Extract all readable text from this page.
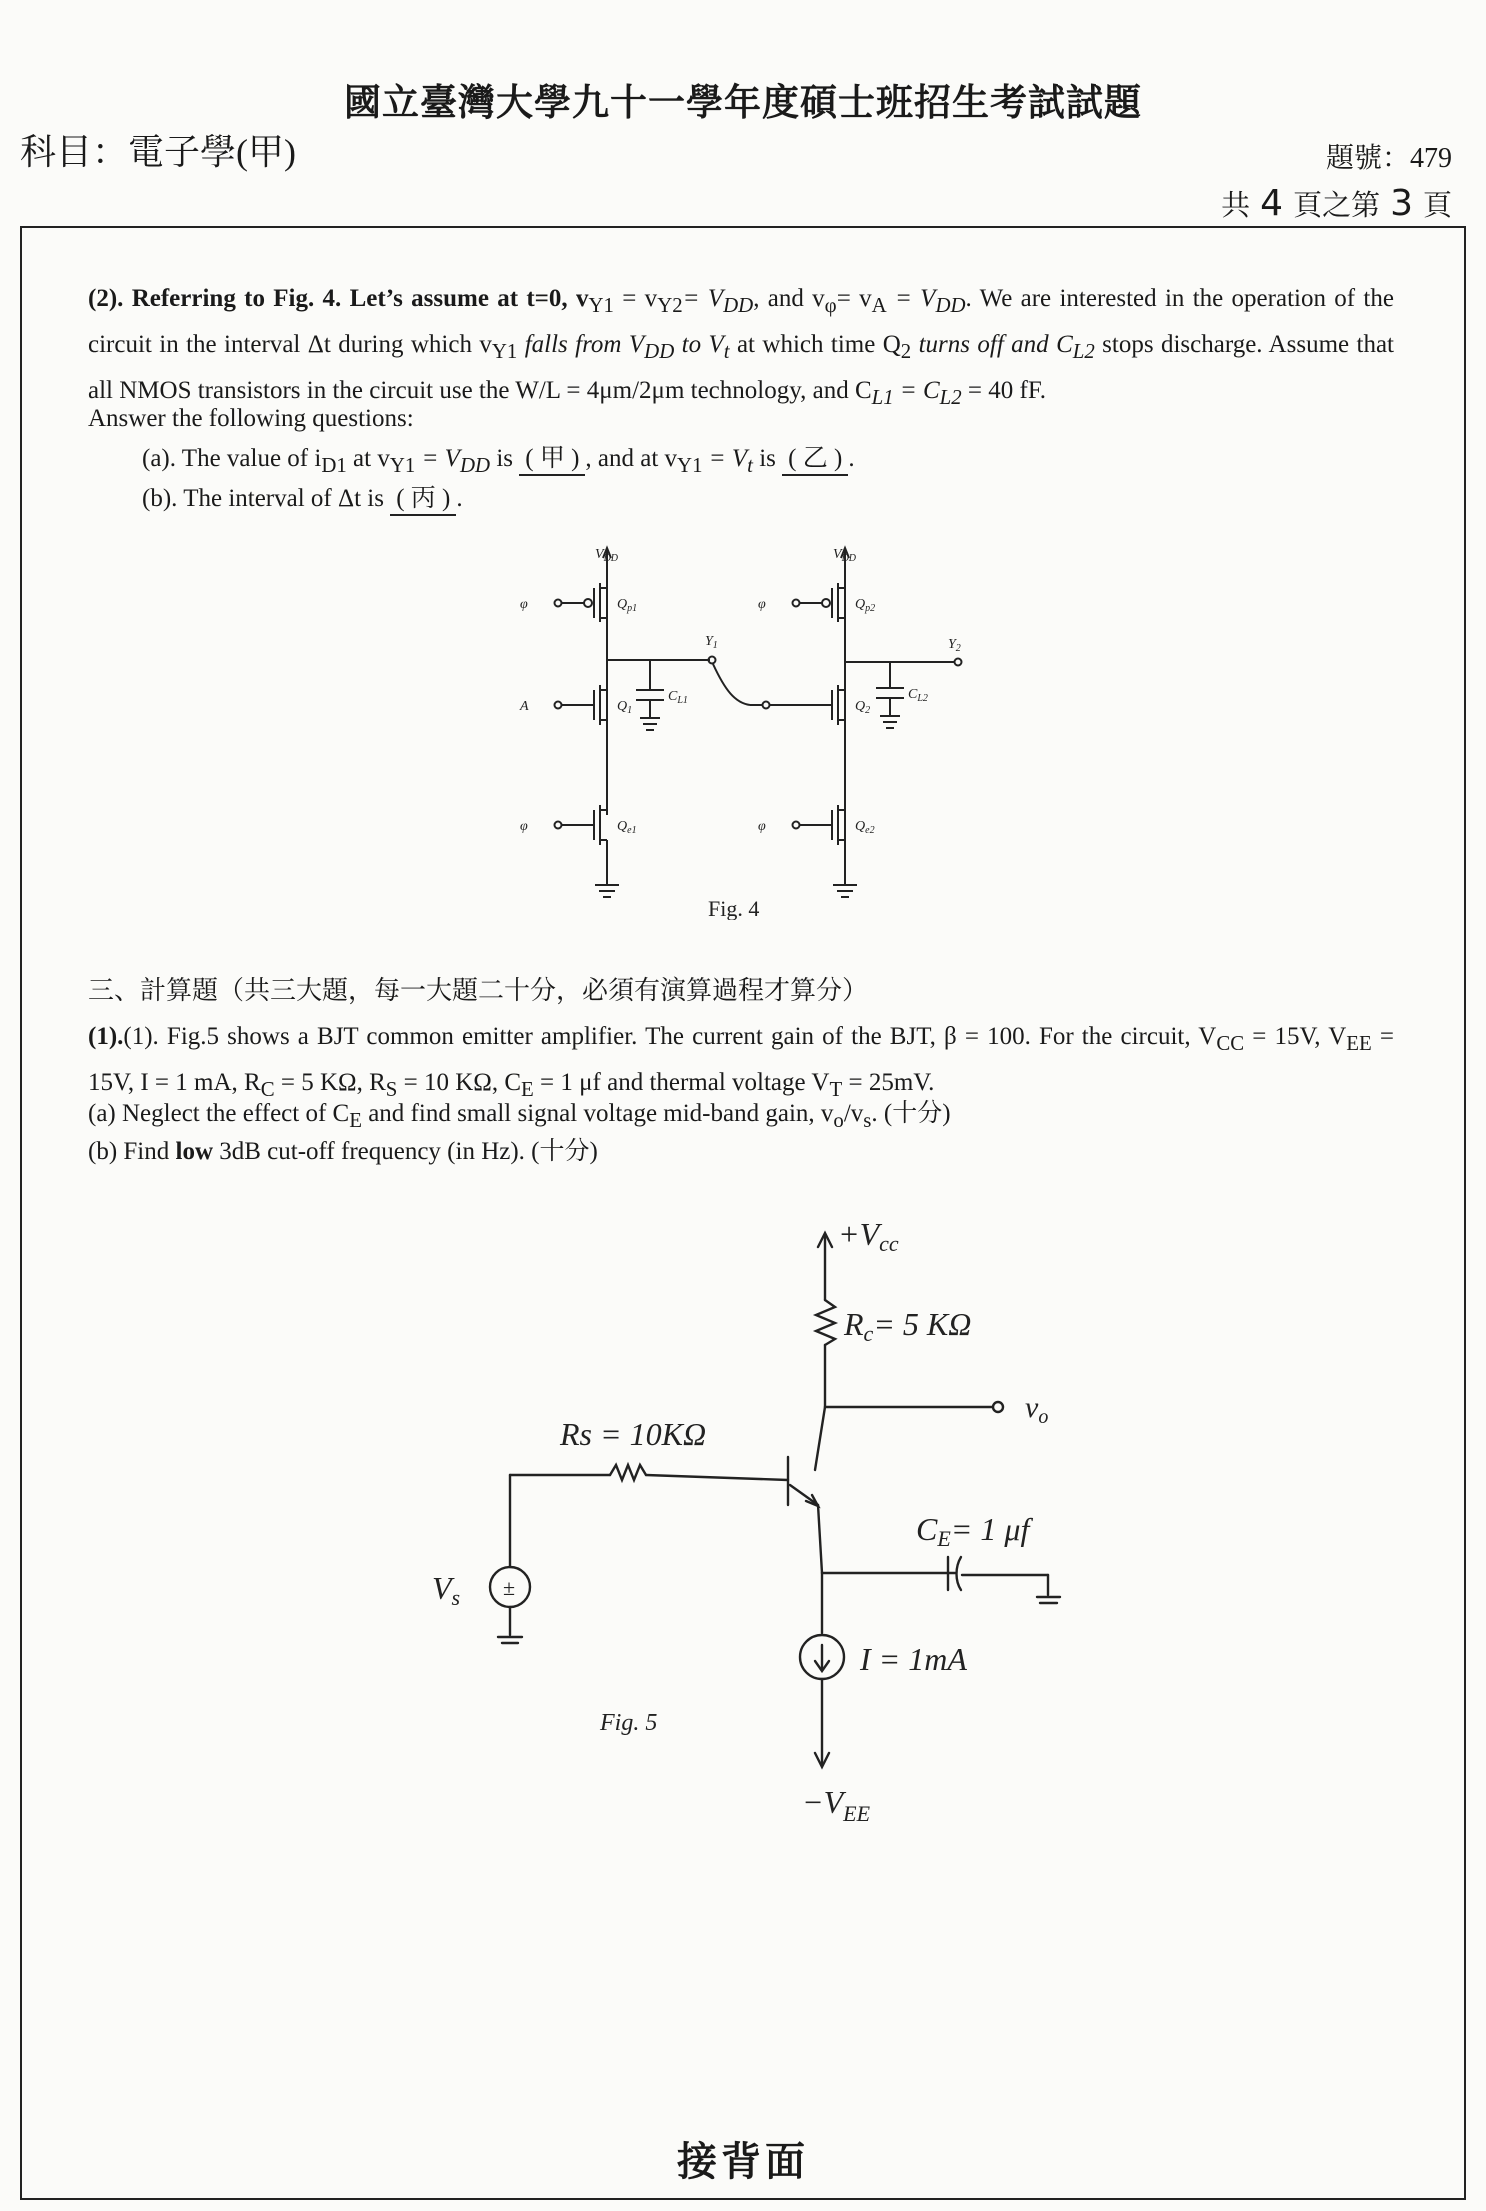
國立臺灣大學九十一學年度碩士班招生考試試題
科目：電子學(甲)	題號：479
共 4 頁之第 3 頁
(2). Referring to Fig. 4. Let’s assume at t=0, $v_{Y1} = v_{Y2}= V_{DD}$, and $v_\varphi= v_A = V_{DD}$. We are interested in the operation of the circuit in the interval Δt during which $v_{Y1}$ falls from $V_{DD}$ to $V_t$ at which time $Q_2$ turns off and $C_{L2}$ stops discharge. Assume that all NMOS transistors in the circuit use the W/L = 4μm/2μm technology, and $C_{L1} = C_{L2} = 40$ fF.
Answer the following questions:
(a). The value of $i_{D1}$ at $v_{Y1} = V_{DD}$ is ( 甲 ) , and at $v_{Y1} = V_t$ is ( 乙 ) .
(b). The interval of Δt is ( 丙 ) .
$V_{DD}$	$V_{DD}$
φ
φ
φ
φ
A
$Q_{p1}$
$Q_1$
$Q_{e1}$
$Q_{p2}$
$Q_2$
$Q_{e2}$
$Y_1$	$Y_2$
$C_{L1}$	$C_{L2}$
Fig. 4
三、計算題（共三大題，每一大題二十分，必須有演算過程才算分）
(1).(1). Fig.5 shows a BJT common emitter amplifier. The current gain of the BJT, β = 100. For the circuit, $V_{CC} = 15V$, $V_{EE} = 15V$, I = 1 mA, $R_C = 5$ KΩ, $R_S = 10$ KΩ, $C_E = 1$ μf and thermal voltage $V_T = 25mV$.
(a) Neglect the effect of $C_E$ and find small signal voltage mid-band gain, $v_o/v_s$. (十分)
(b) Find low 3dB cut-off frequency (in Hz). (十分)
±
+Vcc
Rc= 5 KΩ
$v_o$
Rs = 10KΩ
Vs
CE= 1 μf
I = 1mA
Fig. 5
$-V_{EE}$
接背面
